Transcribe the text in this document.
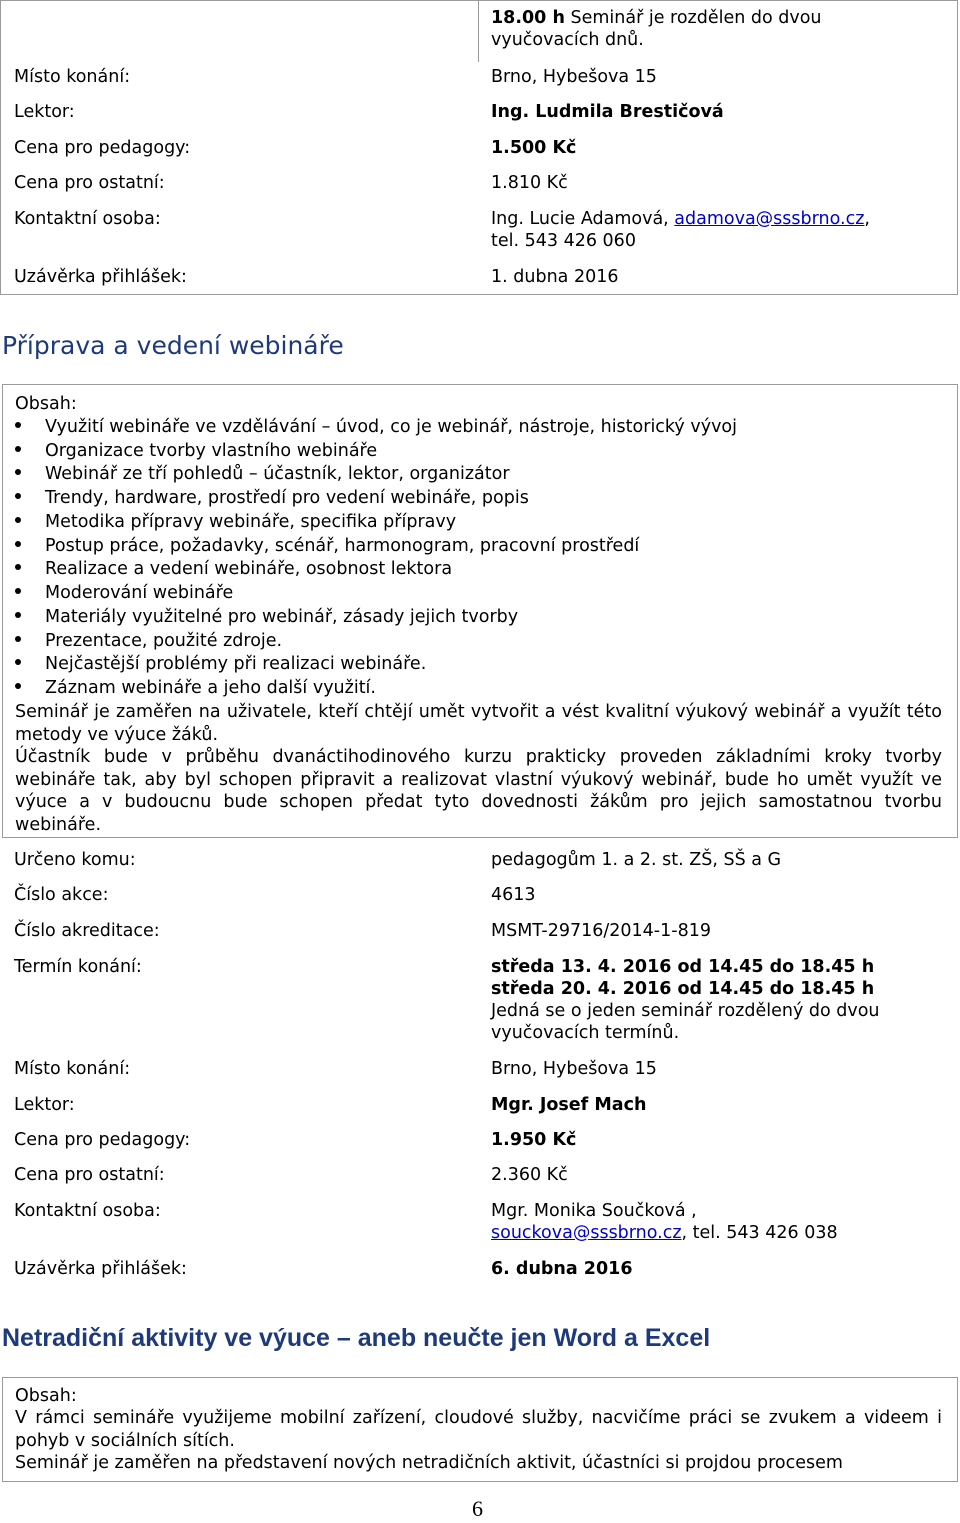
18.00 h Seminář je rozdělen do dvou vyučovacích dnů.
Místo konání:	Brno, Hybešova 15
Lektor:	Ing. Ludmila Brestičová
Cena pro pedagogy:	1.500 Kč
Cena pro ostatní:	1.810 Kč
Kontaktní osoba:	Ing. Lucie Adamová, adamova@sssbrno.cz,
tel. 543 426 060
Uzávěrka přihlášek:	1. dubna 2016
Příprava a vedení webináře
Obsah:
Využití webináře ve vzdělávání – úvod, co je webinář, nástroje, historický vývoj
Organizace tvorby vlastního webináře
Webinář ze tří pohledů – účastník, lektor, organizátor
Trendy, hardware, prostředí pro vedení webináře, popis
Metodika přípravy webináře, specifika přípravy
Postup práce, požadavky, scénář, harmonogram, pracovní prostředí
Realizace a vedení webináře, osobnost lektora
Moderování webináře
Materiály využitelné pro webinář, zásady jejich tvorby
Prezentace, použité zdroje.
Nejčastější problémy při realizaci webináře.
Záznam webináře a jeho další využití.
Seminář je zaměřen na uživatele, kteří chtějí umět vytvořit a vést kvalitní výukový webinář a využít této metody ve výuce žáků.
Účastník bude v průběhu dvanáctihodinového kurzu prakticky proveden základními kroky tvorby webináře tak, aby byl schopen připravit a realizovat vlastní výukový webinář, bude ho umět využít ve výuce a v budoucnu bude schopen předat tyto dovednosti žákům pro jejich samostatnou tvorbu webináře.
Určeno komu:	pedagogům 1. a 2. st. ZŠ, SŠ a G
Číslo akce:	4613
Číslo akreditace:	MSMT-29716/2014-1-819
Termín konání:	středa 13. 4. 2016 od 14.45 do 18.45 h
středa 20. 4. 2016 od 14.45 do 18.45 h
Jedná se o jeden seminář rozdělený do dvou vyučovacích termínů.
Místo konání:	Brno, Hybešova 15
Lektor:	Mgr. Josef Mach
Cena pro pedagogy:	1.950 Kč
Cena pro ostatní:	2.360 Kč
Kontaktní osoba:	Mgr. Monika Součková ,
souckova@sssbrno.cz, tel. 543 426 038
Uzávěrka přihlášek:	6. dubna 2016
Netradiční aktivity ve výuce – aneb neučte jen Word a Excel
Obsah:
V rámci semináře využijeme mobilní zařízení, cloudové služby, nacvičíme práci se zvukem a videem i pohyb v sociálních sítích.
Seminář je zaměřen na představení nových netradičních aktivit, účastníci si projdou procesem
6
